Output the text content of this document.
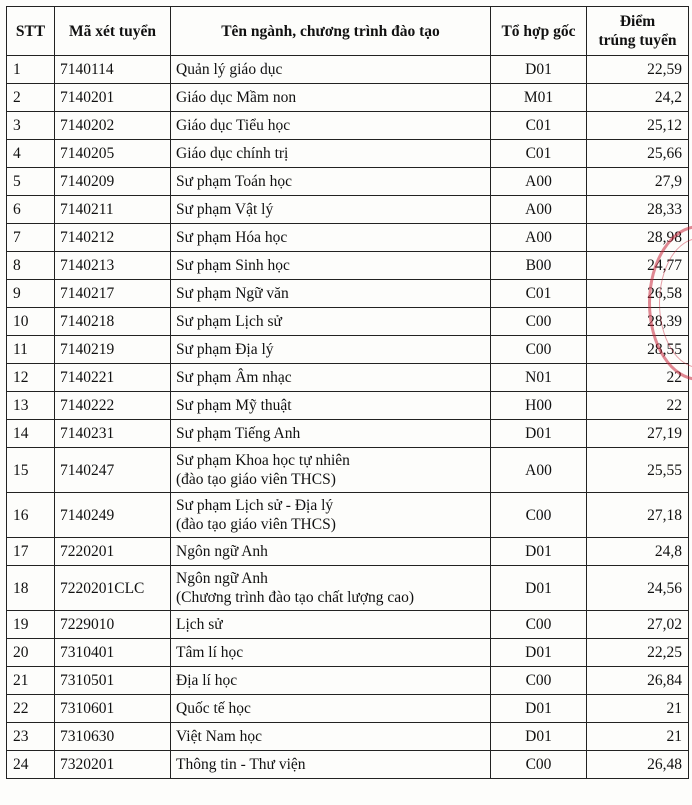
STT	Mã xét tuyển	Tên ngành, chương trình đào tạo	Tổ hợp gốc	Điểm
trúng tuyển
1	7140114	Quản lý giáo dục	D01	22,59
2	7140201	Giáo dục Mầm non	M01	24,2
3	7140202	Giáo dục Tiểu học	C01	25,12
4	7140205	Giáo dục chính trị	C01	25,66
5	7140209	Sư phạm Toán học	A00	27,9
6	7140211	Sư phạm Vật lý	A00	28,33
7	7140212	Sư phạm Hóa học	A00	28,98
8	7140213	Sư phạm Sinh học	B00	24,77
9	7140217	Sư phạm Ngữ văn	C01	26,58
10	7140218	Sư phạm Lịch sử	C00	28,39
11	7140219	Sư phạm Địa lý	C00	28,55
12	7140221	Sư phạm Âm nhạc	N01	22
13	7140222	Sư phạm Mỹ thuật	H00	22
14	7140231	Sư phạm Tiếng Anh	D01	27,19
15	7140247	Sư phạm Khoa học tự nhiên
(đào tạo giáo viên THCS)	A00	25,55
16	7140249	Sư phạm Lịch sử - Địa lý
(đào tạo giáo viên THCS)	C00	27,18
17	7220201	Ngôn ngữ Anh	D01	24,8
18	7220201CLC	Ngôn ngữ Anh
(Chương trình đào tạo chất lượng cao)	D01	24,56
19	7229010	Lịch sử	C00	27,02
20	7310401	Tâm lí học	D01	22,25
21	7310501	Địa lí học	C00	26,84
22	7310601	Quốc tế học	D01	21
23	7310630	Việt Nam học	D01	21
24	7320201	Thông tin - Thư viện	C00	26,48
